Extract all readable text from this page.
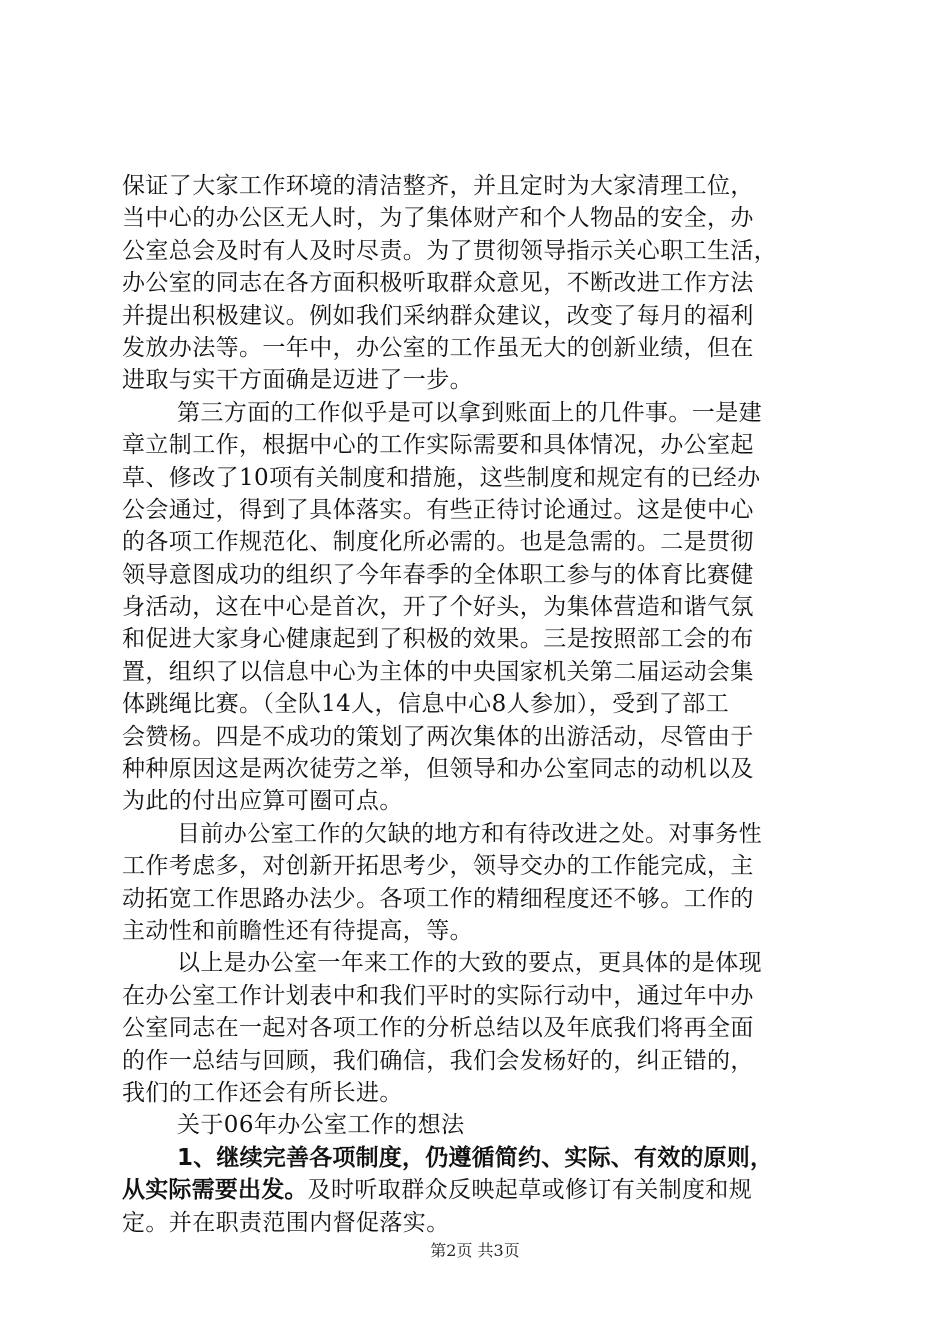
保证了大家工作环境的清洁整齐，并且定时为大家清理工位，
当中心的办公区无人时，为了集体财产和个人物品的安全，办
公室总会及时有人及时尽责。为了贯彻领导指示关心职工生活，
办公室的同志在各方面积极听取群众意见，不断改进工作方法
并提出积极建议。例如我们采纳群众建议，改变了每月的福利
发放办法等。一年中，办公室的工作虽无大的创新业绩，但在
进取与实干方面确是迈进了一步。
第三方面的工作似乎是可以拿到账面上的几件事。一是建
章立制工作，根据中心的工作实际需要和具体情况，办公室起
草、修改了10项有关制度和措施，这些制度和规定有的已经办
公会通过，得到了具体落实。有些正待讨论通过。这是使中心
的各项工作规范化、制度化所必需的。也是急需的。二是贯彻
领导意图成功的组织了今年春季的全体职工参与的体育比赛健
身活动，这在中心是首次，开了个好头，为集体营造和谐气氛
和促进大家身心健康起到了积极的效果。三是按照部工会的布
置，组织了以信息中心为主体的中央国家机关第二届运动会集
体跳绳比赛。（全队14人，信息中心8人参加），受到了部工
会赞杨。四是不成功的策划了两次集体的出游活动，尽管由于
种种原因这是两次徒劳之举，但领导和办公室同志的动机以及
为此的付出应算可圈可点。
目前办公室工作的欠缺的地方和有待改进之处。对事务性
工作考虑多，对创新开拓思考少，领导交办的工作能完成，主
动拓宽工作思路办法少。各项工作的精细程度还不够。工作的
主动性和前瞻性还有待提高，等。
以上是办公室一年来工作的大致的要点，更具体的是体现
在办公室工作计划表中和我们平时的实际行动中，通过年中办
公室同志在一起对各项工作的分析总结以及年底我们将再全面
的作一总结与回顾，我们确信，我们会发杨好的，纠正错的，
我们的工作还会有所长进。
关于06年办公室工作的想法
1、继续完善各项制度，仍遵循简约、实际、有效的原则，
从实际需要出发。及时听取群众反映起草或修订有关制度和规
定。并在职责范围内督促落实。
第2页 共3页
